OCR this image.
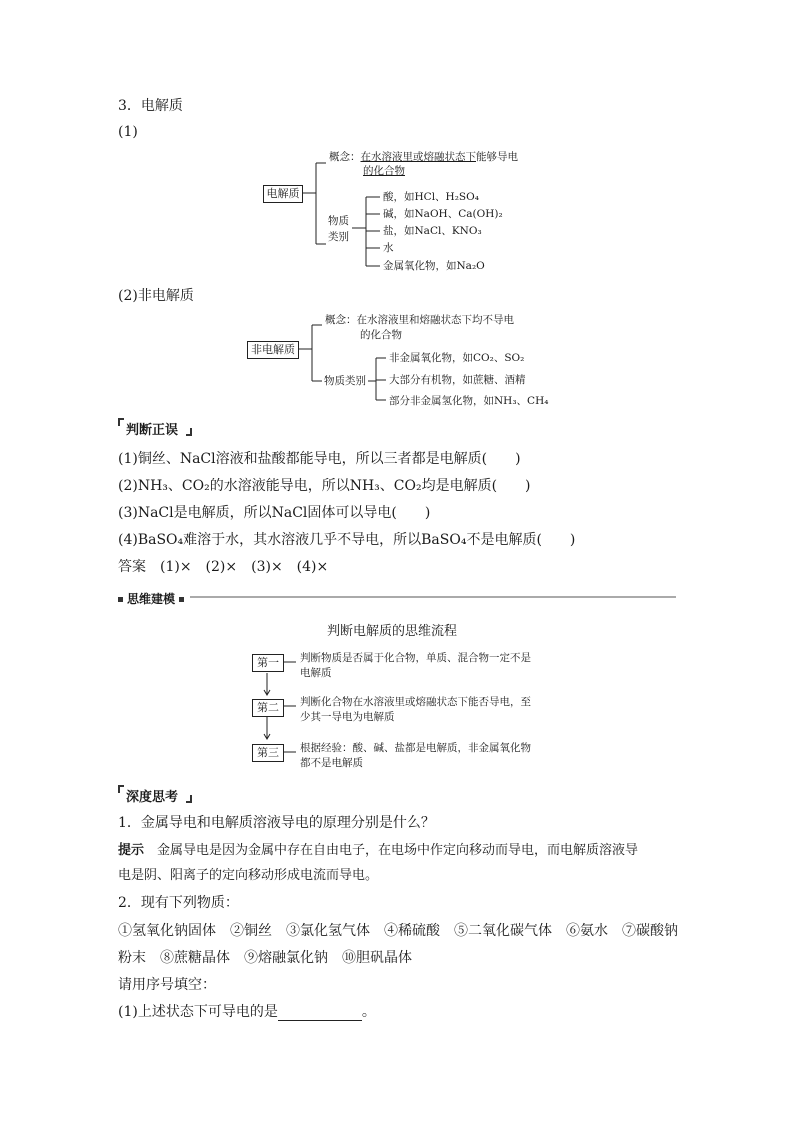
3．电解质
(1)
电解质
概念：在水溶液里或熔融状态下能够导电
的化合物
物质
类别
酸，如HCl、H₂SO₄
碱，如NaOH、Ca(OH)₂
盐，如NaCl、KNO₃
水
金属氧化物，如Na₂O
(2)非电解质
非电解质
概念：在水溶液里和熔融状态下均不导电
的化合物
物质类别
非金属氧化物，如CO₂、SO₂
大部分有机物，如蔗糖、酒精
部分非金属氢化物，如NH₃、CH₄
判断正误
(1)铜丝、NaCl溶液和盐酸都能导电，所以三者都是电解质(　　)
(2)NH₃、CO₂的水溶液能导电，所以NH₃、CO₂均是电解质(　　)
(3)NaCl是电解质，所以NaCl固体可以导电(　　)
(4)BaSO₄难溶于水，其水溶液几乎不导电，所以BaSO₄不是电解质(　　)
答案　(1)×　(2)×　(3)×　(4)×
思维建模
判断电解质的思维流程
第一	判断物质是否属于化合物，单质、混合物一定不是
电解质
第二	判断化合物在水溶液里或熔融状态下能否导电，至
少其一导电为电解质
第三	根据经验：酸、碱、盐都是电解质，非金属氧化物
都不是电解质
深度思考
1．金属导电和电解质溶液导电的原理分别是什么？
提示　 金属导电是因为金属中存在自由电子，在电场中作定向移动而导电，而电解质溶液导
电是阴、阳离子的定向移动形成电流而导电。
2．现有下列物质：
①氢氧化钠固体　②铜丝　③氯化氢气体　④稀硫酸　⑤二氧化碳气体　⑥氨水　⑦碳酸钠
粉末　⑧蔗糖晶体　⑨熔融氯化钠　⑩胆矾晶体
请用序号填空：
(1)上述状态下可导电的是	。
